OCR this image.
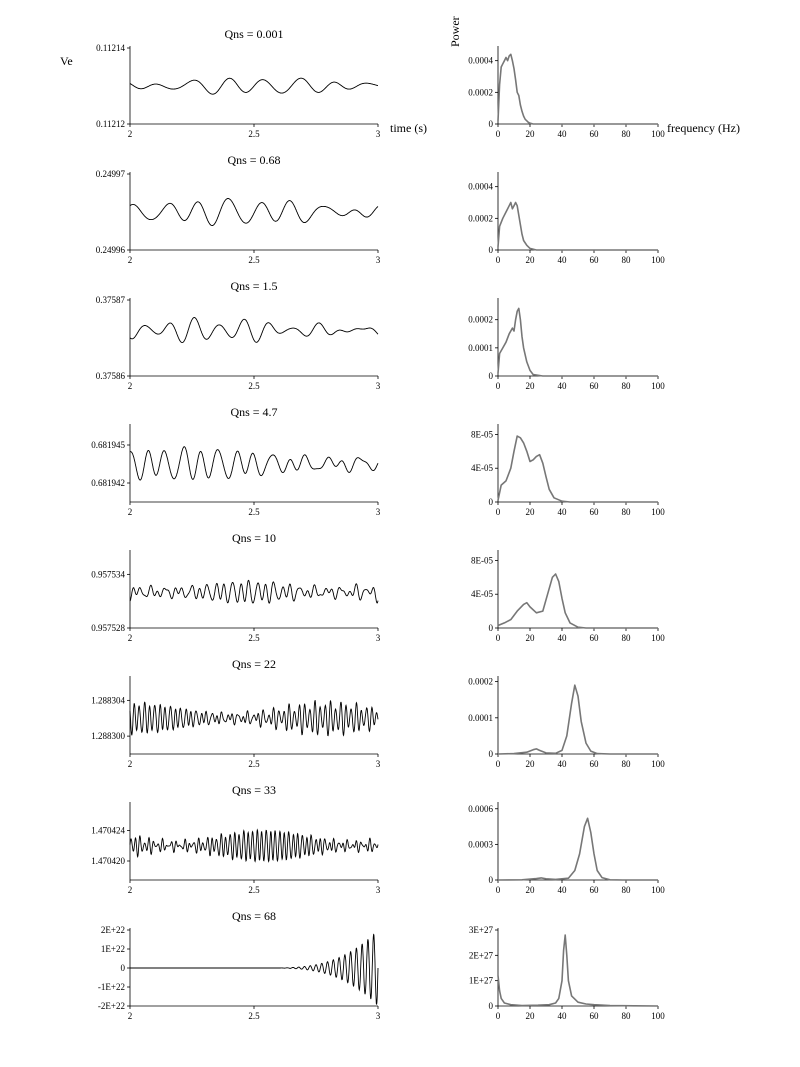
Ve
time (s)
Power
frequency (Hz)
2	2.5	3
0.11214
0.11212
Qns = 0.001
0	20	40	60	80 100
0.0004
0.0002
0
2	2.5	3
0.24997
0.24996
Qns = 0.68
0	20	40	60	80 100
0.0004
0.0002
0
2	2.5	3
0.37587
0.37586
Qns = 1.5
0	20	40	60	80 100
0.0002
0.0001
0
2	2.5	3
0.681945
0.681942
Qns = 4.7
0	20	40	60	80 100
8E-05
4E-05
0
2	2.5	3
0.957534
0.957528
Qns = 10
0	20	40	60	80 100
8E-05
4E-05
0
2	2.5	3
1.288304
1.288300
Qns = 22
0	20	40	60	80 100
0.0002
0.0001
0
2	2.5	3
1.470424
1.470420
Qns = 33
0	20	40	60	80 100
0.0006
0.0003
0
2	2.5	3
2E+22
1E+22
0
-1E+22
-2E+22
Qns = 68
0	20	40	60	80 100
3E+27
2E+27
1E+27
0
